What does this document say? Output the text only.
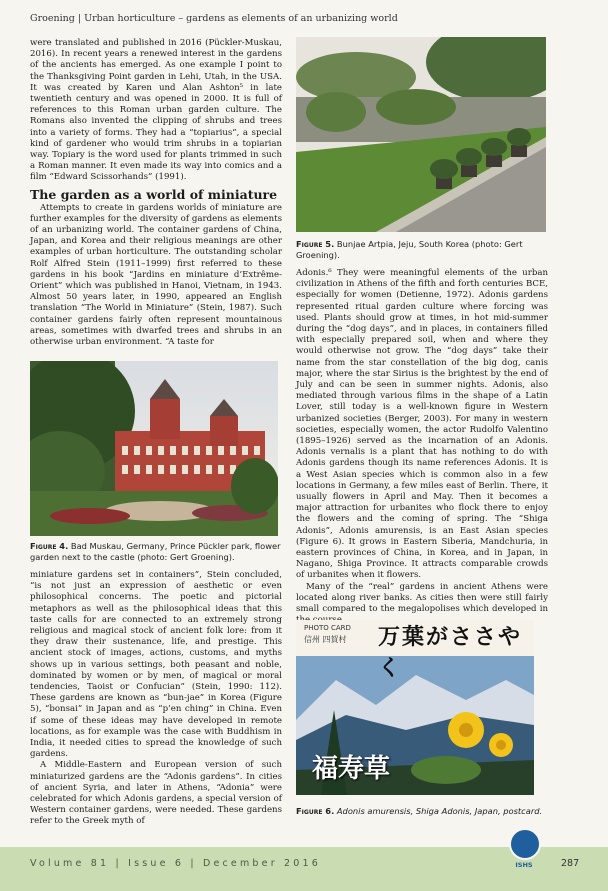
Groening | Urban horticulture – gardens as elements of an urbanizing world

were translated and published in 2016 (Pückler-Muskau, 2016). In recent years a renewed interest in the gardens of the ancients has emerged. As one example I point to the Thanksgiving Point garden in Lehi, Utah, in the USA. It was created by Karen und Alan Ashton⁵ in late twentieth century and was opened in 2000. It is full of references to this Roman urban garden culture. The Romans also invented the clipping of shrubs and trees into a variety of forms. They had a “topiarius”, a special kind of gardener who would trim shrubs in a topiarian way. Topiary is the word used for plants trimmed in such a Roman manner. It even made its way into comics and a film “Edward Scissorhands” (1991).

The garden as a world of miniature

Attempts to create in gardens worlds of miniature are further examples for the diversity of gardens as elements of an urbanizing world. The container gardens of China, Japan, and Korea and their religious meanings are other examples of urban horticulture. The outstanding scholar Rolf Alfred Stein (1911–1999) first referred to these gardens in his book “Jardins en miniature d’Extrême-Orient” which was published in Hanoi, Vietnam, in 1943. Almost 50 years later, in 1990, appeared an English translation “The World in Miniature” (Stein, 1987). Such container gardens fairly often represent mountainous areas, sometimes with dwarfed trees and shrubs in an otherwise urban environment. “A taste for

Figure 4. Bad Muskau, Germany, Prince Pückler park, flower garden next to the castle (photo: Gert Groening).

miniature gardens set in containers”, Stein concluded, “is not just an expression of aesthetic or even philosophical concerns. The poetic and pictorial metaphors as well as the philosophical ideas that this taste calls for are connected to an extremely strong religious and magical stock of ancient folk lore: from it they draw their sustenance, life, and prestige. This ancient stock of images, actions, customs, and myths shows up in various settings, both peasant and noble, dominated by women or by men, of magical or moral tendencies, Taoist or Confucian” (Stein, 1990: 112). These gardens are known as “bun-jae” in Korea (Figure 5), “bonsai” in Japan and as “p’en ching” in China. Even if some of these ideas may have developed in remote locations, as for example was the case with Buddhism in India, it needed cities to spread the knowledge of such gardens.

A Middle-Eastern and European version of such miniaturized gardens are the “Adonis gardens”. In cities of ancient Syria, and later in Athens, “Adonia” were celebrated for which Adonis gardens, a special version of Western container gardens, were needed. These gardens refer to the Greek myth of

Figure 5. Bunjae Artpia, Jeju, South Korea (photo: Gert Groening).

Adonis.⁶ They were meaningful elements of the urban civilization in Athens of the fifth and forth centuries BCE, especially for women (Detienne, 1972). Adonis gardens represented ritual garden culture where forcing was used. Plants should grow at times, in hot mid-summer during the “dog days”, and in places, in containers filled with especially prepared soil, when and where they would otherwise not grow. The “dog days” take their name from the star constellation of the big dog, canis major, where the star Sirius is the brightest by the end of July and can be seen in summer nights. Adonis, also mediated through various films in the shape of a Latin Lover, still today is a well-known figure in Western urbanized societies (Berger, 2003). For many in western societies, especially women, the actor Rudolfo Valentino (1895–1926) served as the incarnation of an Adonis. Adonis vernalis is a plant that has nothing to do with Adonis gardens though its name references Adonis. It is a West Asian species which is common also in a few locations in Germany, a few miles east of Berlin. There, it usually flowers in April and May. Then it becomes a major attraction for urbanites who flock there to enjoy the flowers and the coming of spring. The “Shiga Adonis”, Adonis amurensis, is an East Asian species (Figure 6). It grows in Eastern Siberia, Mandchuria, in eastern provinces of China, in Korea, and in Japan, in Nagano, Shiga Province. It attracts comparable crowds of urbanites when it flowers.

Many of the “real” gardens in ancient Athens were located along river banks. As cities then were still fairly small compared to the megalopolises which developed in

PHOTO CARD
信州 四賀村 万葉がささやく
福寿草
Figure 6. Adonis amurensis, Shiga Adonis, Japan, postcard.
Volume 81 | Issue 6 | December 2016	ISHS	287
